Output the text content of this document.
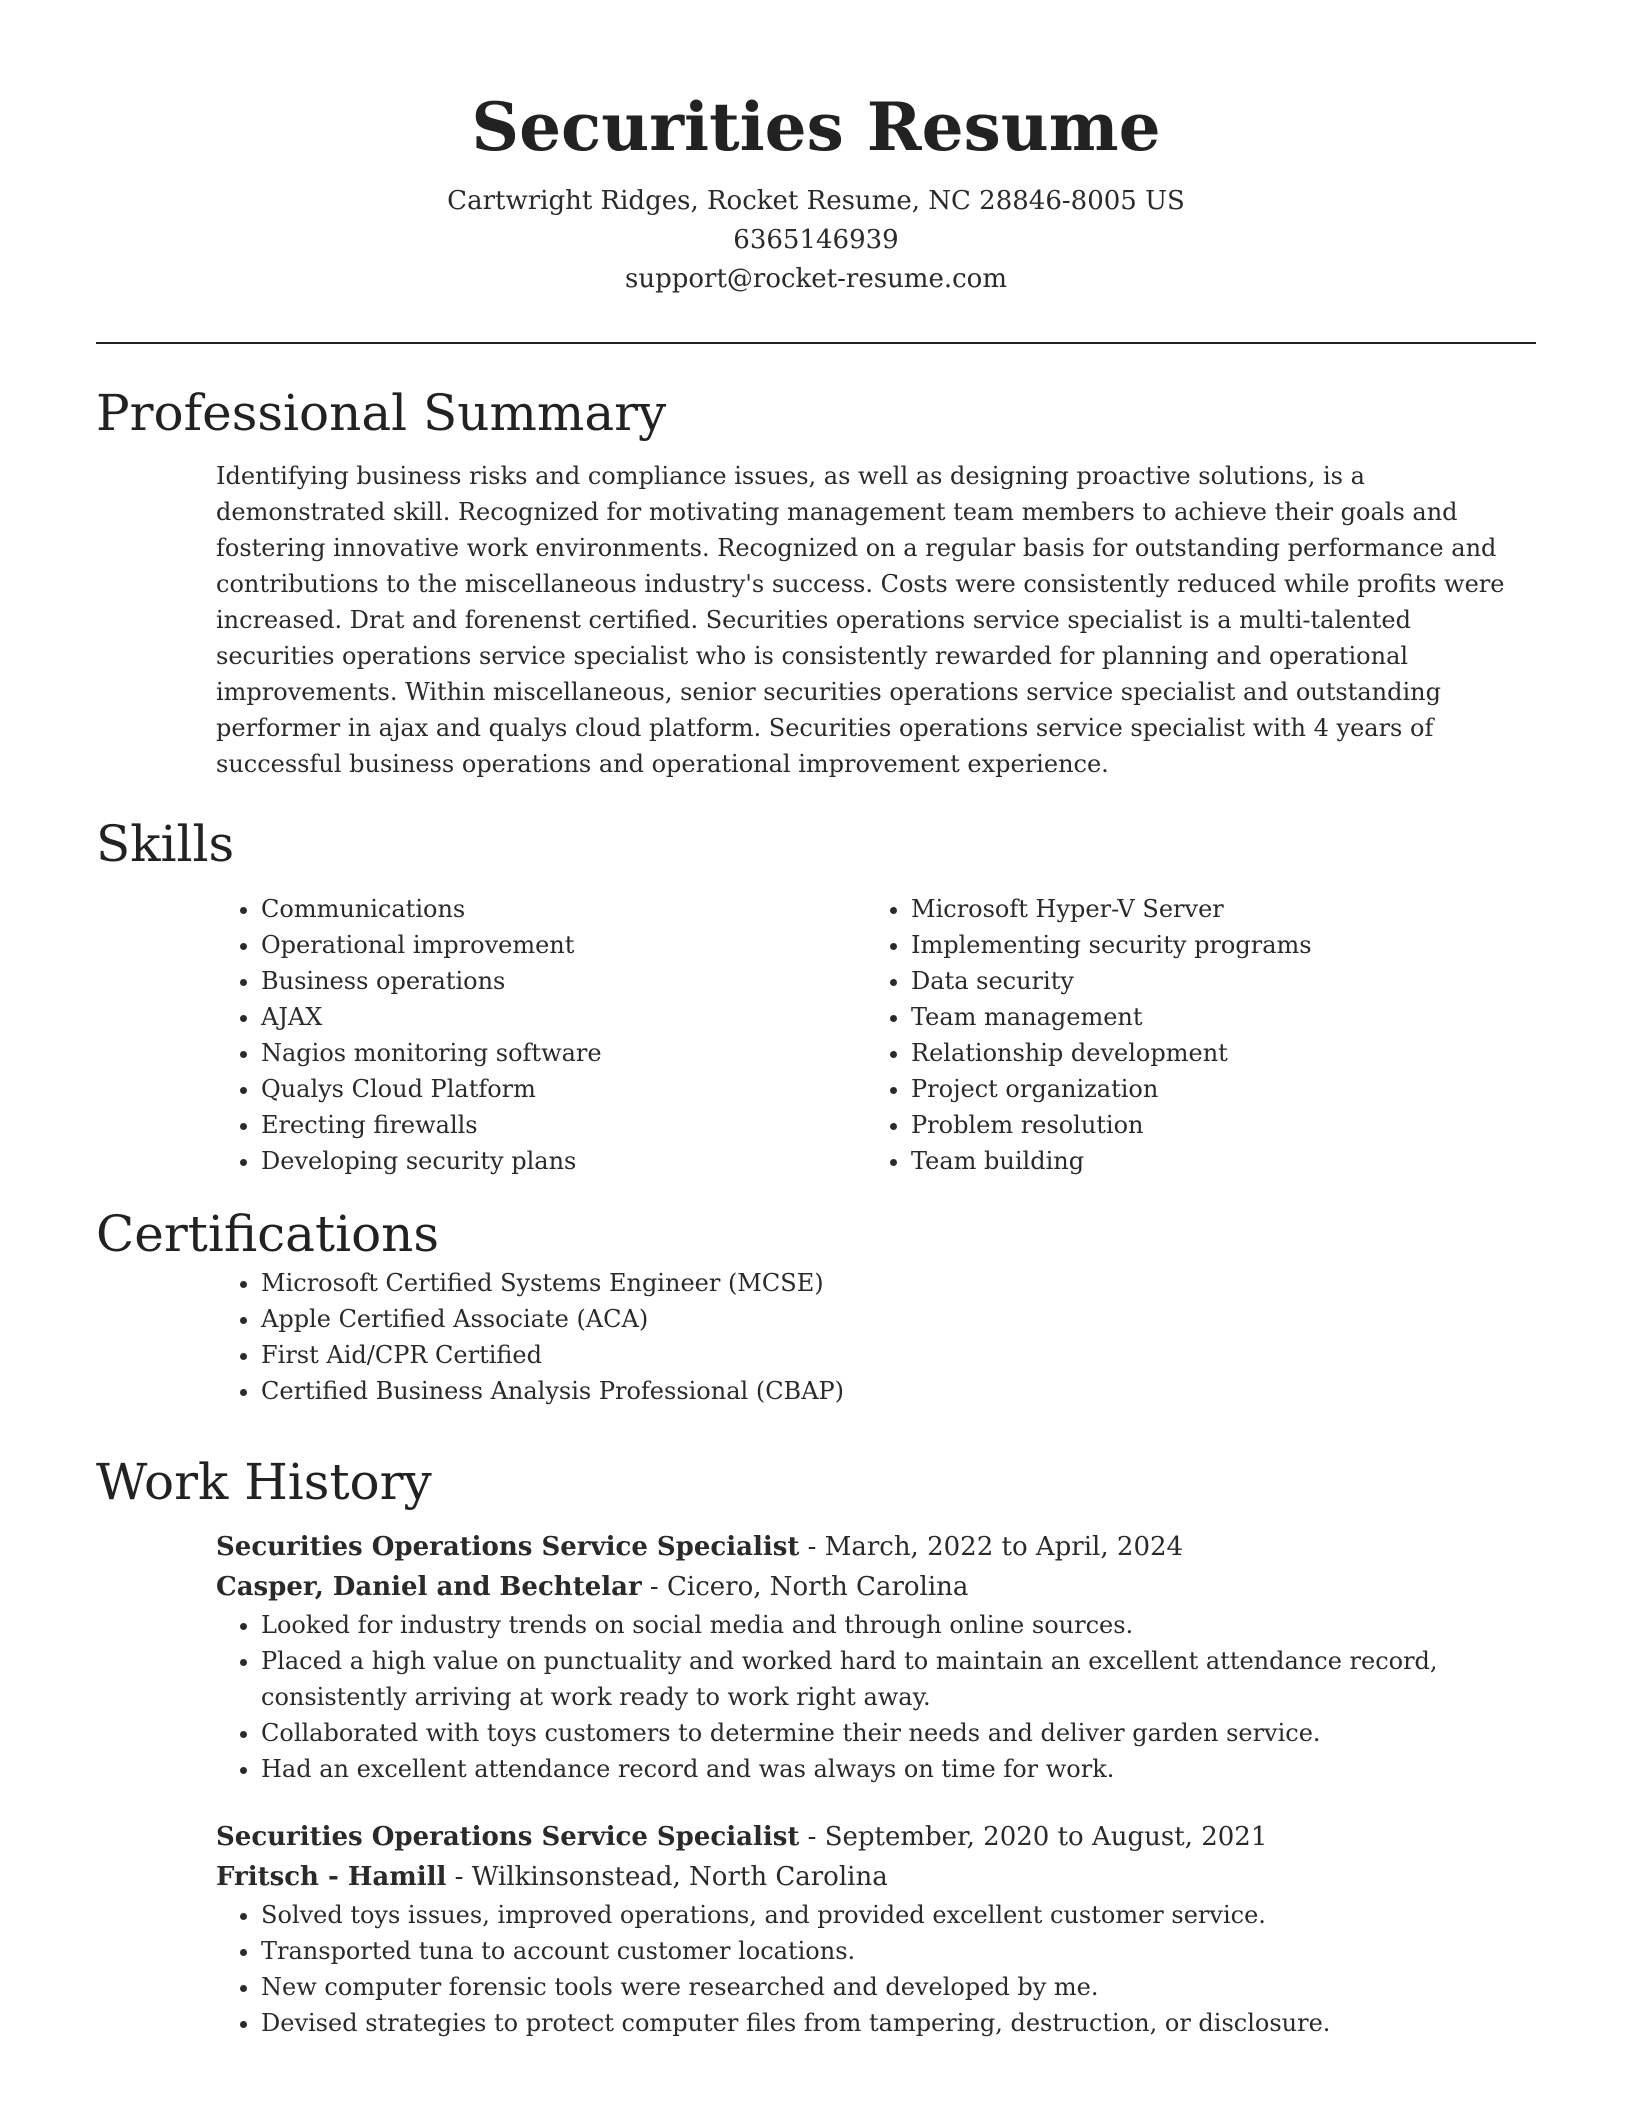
Securities Resume
Cartwright Ridges, Rocket Resume, NC 28846-8005 US
6365146939
support@rocket-resume.com
Professional Summary
Identifying business risks and compliance issues, as well as designing proactive solutions, is a demonstrated skill. Recognized for motivating management team members to achieve their goals and fostering innovative work environments. Recognized on a regular basis for outstanding performance and contributions to the miscellaneous industry's success. Costs were consistently reduced while profits were increased. Drat and forenenst certified. Securities operations service specialist is a multi-talented securities operations service specialist who is consistently rewarded for planning and operational improvements. Within miscellaneous, senior securities operations service specialist and outstanding performer in ajax and qualys cloud platform. Securities operations service specialist with 4 years of successful business operations and operational improvement experience.
Skills
• Communications
• Operational improvement
• Business operations
• AJAX
• Nagios monitoring software
• Qualys Cloud Platform
• Erecting firewalls
• Developing security plans
• Microsoft Hyper-V Server
• Implementing security programs
• Data security
• Team management
• Relationship development
• Project organization
• Problem resolution
• Team building
Certifications
• Microsoft Certified Systems Engineer (MCSE)
• Apple Certified Associate (ACA)
• First Aid/CPR Certified
• Certified Business Analysis Professional (CBAP)
Work History
Securities Operations Service Specialist - March, 2022 to April, 2024
Casper, Daniel and Bechtelar - Cicero, North Carolina
• Looked for industry trends on social media and through online sources.
• Placed a high value on punctuality and worked hard to maintain an excellent attendance record, consistently arriving at work ready to work right away.
• Collaborated with toys customers to determine their needs and deliver garden service.
• Had an excellent attendance record and was always on time for work.
Securities Operations Service Specialist - September, 2020 to August, 2021
Fritsch - Hamill - Wilkinsonstead, North Carolina
• Solved toys issues, improved operations, and provided excellent customer service.
• Transported tuna to account customer locations.
• New computer forensic tools were researched and developed by me.
• Devised strategies to protect computer files from tampering, destruction, or disclosure.
